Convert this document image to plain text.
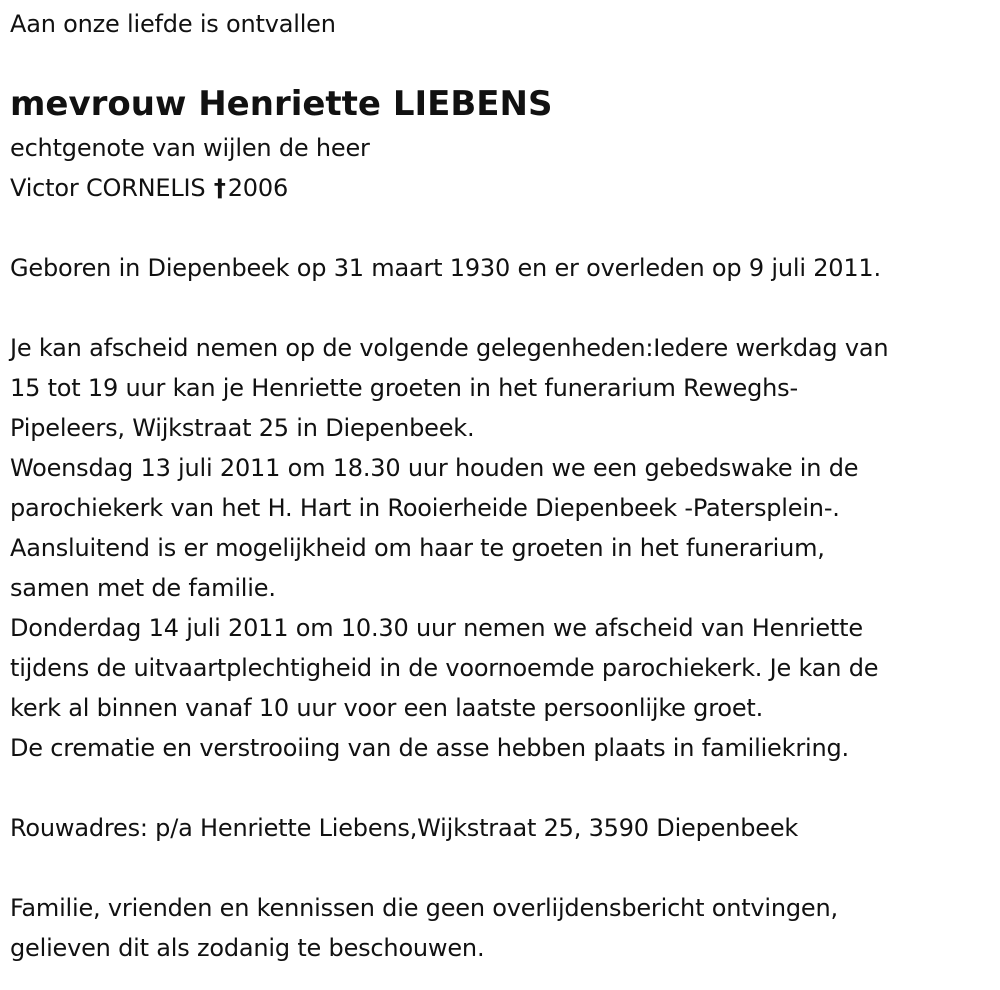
Aan onze liefde is ontvallen
mevrouw Henriette LIEBENS
echtgenote van wijlen de heer
Victor CORNELIS †2006
Geboren in Diepenbeek op 31 maart 1930 en er overleden op 9 juli 2011.
Je kan afscheid nemen op de volgende gelegenheden:Iedere werkdag van
15 tot 19 uur kan je Henriette groeten in het funerarium Reweghs-
Pipeleers, Wijkstraat 25 in Diepenbeek.
Woensdag 13 juli 2011 om 18.30 uur houden we een gebedswake in de
parochiekerk van het H. Hart in Rooierheide Diepenbeek -Patersplein-.
Aansluitend is er mogelijkheid om haar te groeten in het funerarium,
samen met de familie.
Donderdag 14 juli 2011 om 10.30 uur nemen we afscheid van Henriette
tijdens de uitvaartplechtigheid in de voornoemde parochiekerk. Je kan de
kerk al binnen vanaf 10 uur voor een laatste persoonlijke groet.
De crematie en verstrooiing van de asse hebben plaats in familiekring.
Rouwadres: p/a Henriette Liebens,Wijkstraat 25, 3590 Diepenbeek
Familie, vrienden en kennissen die geen overlijdensbericht ontvingen,
gelieven dit als zodanig te beschouwen.
